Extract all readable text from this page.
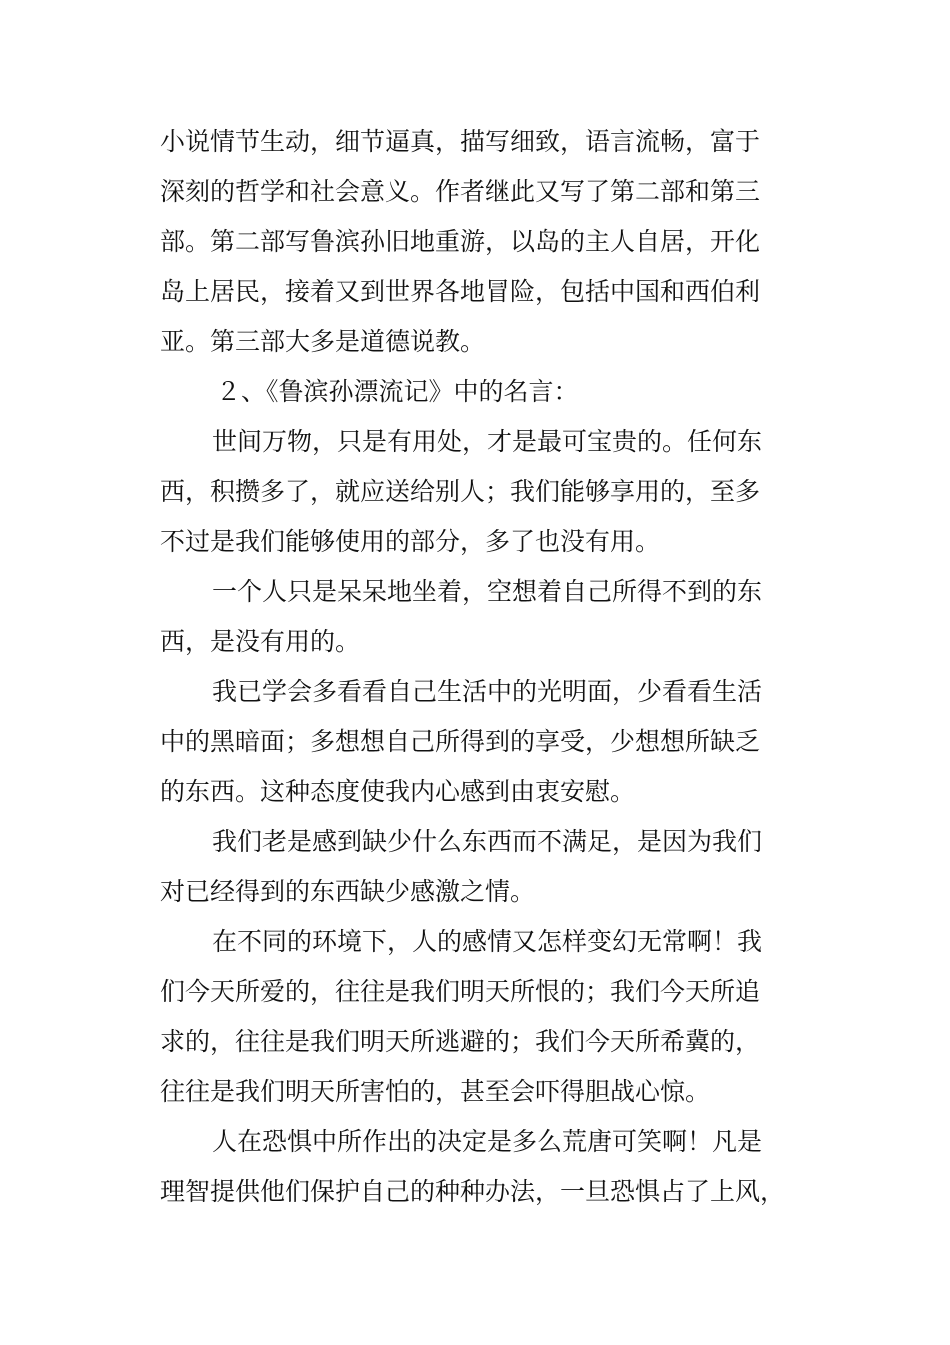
小说情节生动，细节逼真，描写细致，语言流畅，富于
深刻的哲学和社会意义。作者继此又写了第二部和第三
部。第二部写鲁滨孙旧地重游，以岛的主人自居，开化
岛上居民，接着又到世界各地冒险，包括中国和西伯利
亚。第三部大多是道德说教。
２、《鲁滨孙漂流记》中的名言：
世间万物，只是有用处，才是最可宝贵的。任何东
西，积攒多了，就应送给别人；我们能够享用的，至多
不过是我们能够使用的部分，多了也没有用。
一个人只是呆呆地坐着，空想着自己所得不到的东
西，是没有用的。
我已学会多看看自己生活中的光明面，少看看生活
中的黑暗面；多想想自己所得到的享受，少想想所缺乏
的东西。这种态度使我内心感到由衷安慰。
我们老是感到缺少什么东西而不满足，是因为我们
对已经得到的东西缺少感激之情。
在不同的环境下，人的感情又怎样变幻无常啊！我
们今天所爱的，往往是我们明天所恨的；我们今天所追
求的，往往是我们明天所逃避的；我们今天所希冀的，
往往是我们明天所害怕的，甚至会吓得胆战心惊。
人在恐惧中所作出的决定是多么荒唐可笑啊！凡是
理智提供他们保护自己的种种办法，一旦恐惧占了上风，
